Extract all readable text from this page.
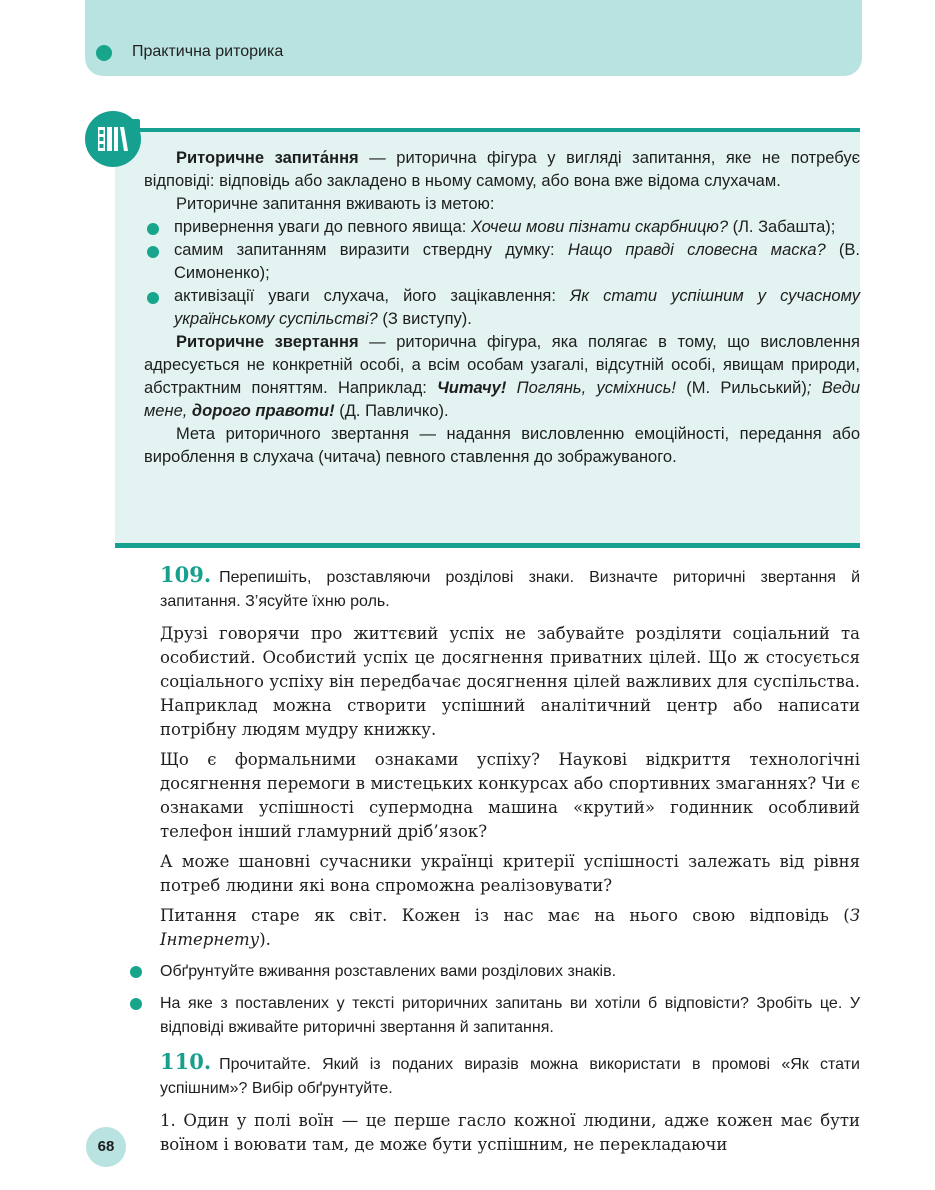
Практична риторика

Риторичне запита́ння — риторична фігура у вигляді запитання, яке не потребує відповіді: відповідь або закладено в ньому самому, або вона вже відома слухачам.

Риторичне запитання вживають із метою:

привернення уваги до певного явища: Хочеш мови пізнати скарбницю? (Л. Забашта);

самим запитанням виразити ствердну думку: Нащо правді словесна маска? (В. Симоненко);

активізації уваги слухача, його зацікавлення: Як стати успішним у сучасному українському суспільстві? (З виступу).

Риторичне звертання — риторична фігура, яка полягає в тому, що висловлення адресується не конкретній особі, а всім особам узагалі, відсутній особі, явищам природи, абстрактним поняттям. Наприклад: Читачу! Поглянь, усміхнись! (М. Рильський); Веди мене, дорого правоти! (Д. Павличко).

Мета риторичного звертання — надання висловленню емоційності, передання або вироблення в слухача (читача) певного ставлення до зображуваного.

109. Перепишіть, розставляючи розділові знаки. Визначте риторичні звертання й запитання. З’ясуйте їхню роль.

Друзі говорячи про життєвий успіх не забувайте розділяти соціальний та особистий. Особистий успіх це досягнення приватних цілей. Що ж стосується соціального успіху він передбачає досягнення цілей важливих для суспільства. Наприклад можна створити успішний аналітичний центр або написати потрібну людям мудру книжку.

Що є формальними ознаками успіху? Наукові відкриття технологічні досягнення перемоги в мистецьких конкурсах або спортивних змаганнях? Чи є ознаками успішності супермодна машина «крутий» годинник особливий телефон інший гламурний дріб’язок?

А може шановні сучасники українці критерії успішності залежать від рівня потреб людини які вона спроможна реалізовувати?

Питання старе як світ. Кожен із нас має на нього свою відповідь (З Інтернету).

Обґрунтуйте вживання розставлених вами розділових знаків.

На яке з поставлених у тексті риторичних запитань ви хотіли б відповісти? Зробіть це. У відповіді вживайте риторичні звертання й запитання.

110. Прочитайте. Який із поданих виразів можна використати в промові «Як стати успішним»? Вибір обґрунтуйте.

1. Один у полі воїн — це перше гасло кожної людини, адже кожен має бути воїном і воювати там, де може бути успішним, не перекладаючи

68
